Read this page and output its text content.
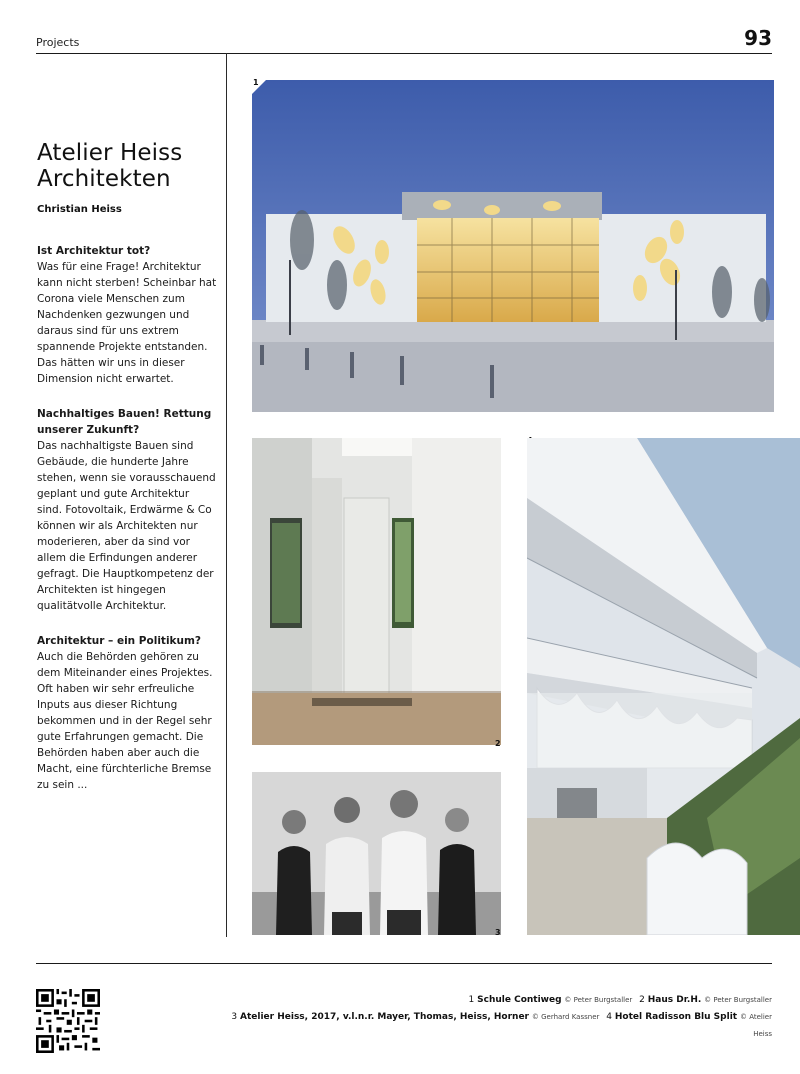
Projects	93
Atelier Heiss
Architekten
Christian Heiss

Ist Architektur tot?

Was für eine Frage! Architektur kann nicht sterben! Scheinbar hat Corona viele Menschen zum Nachdenken gezwungen und daraus sind für uns extrem spannende Projekte entstanden. Das hätten wir uns in dieser Dimension nicht erwartet.

Nachhaltiges Bauen! Rettung unserer Zukunft?

Das nachhaltigste Bauen sind Gebäude, die hunderte Jahre stehen, wenn sie vorausschauend geplant und gute Architektur sind. Fotovoltaik, Erdwärme & Co können wir als Architekten nur moderieren, aber da sind vor allem die Erfindungen anderer gefragt. Die Hauptkompetenz der Architekten ist hingegen qualitätvolle Architektur.

Architektur – ein Politikum?

Auch die Behörden gehören zu dem Miteinander eines Projektes. Oft haben wir sehr erfreuliche Inputs aus dieser Richtung bekommen und in der Regel sehr gute Erfahrungen gemacht. Die Behörden haben aber auch die Macht, eine fürchterliche Bremse zu sein ...

1
2
3
1 Schule Contiweg © Peter Burgstaller 2 Haus Dr.H. © Peter Burgstaller
3 Atelier Heiss, 2017, v.l.n.r. Mayer, Thomas, Heiss, Horner © Gerhard Kassner 4 Hotel Radisson Blu Split © Atelier Heiss
